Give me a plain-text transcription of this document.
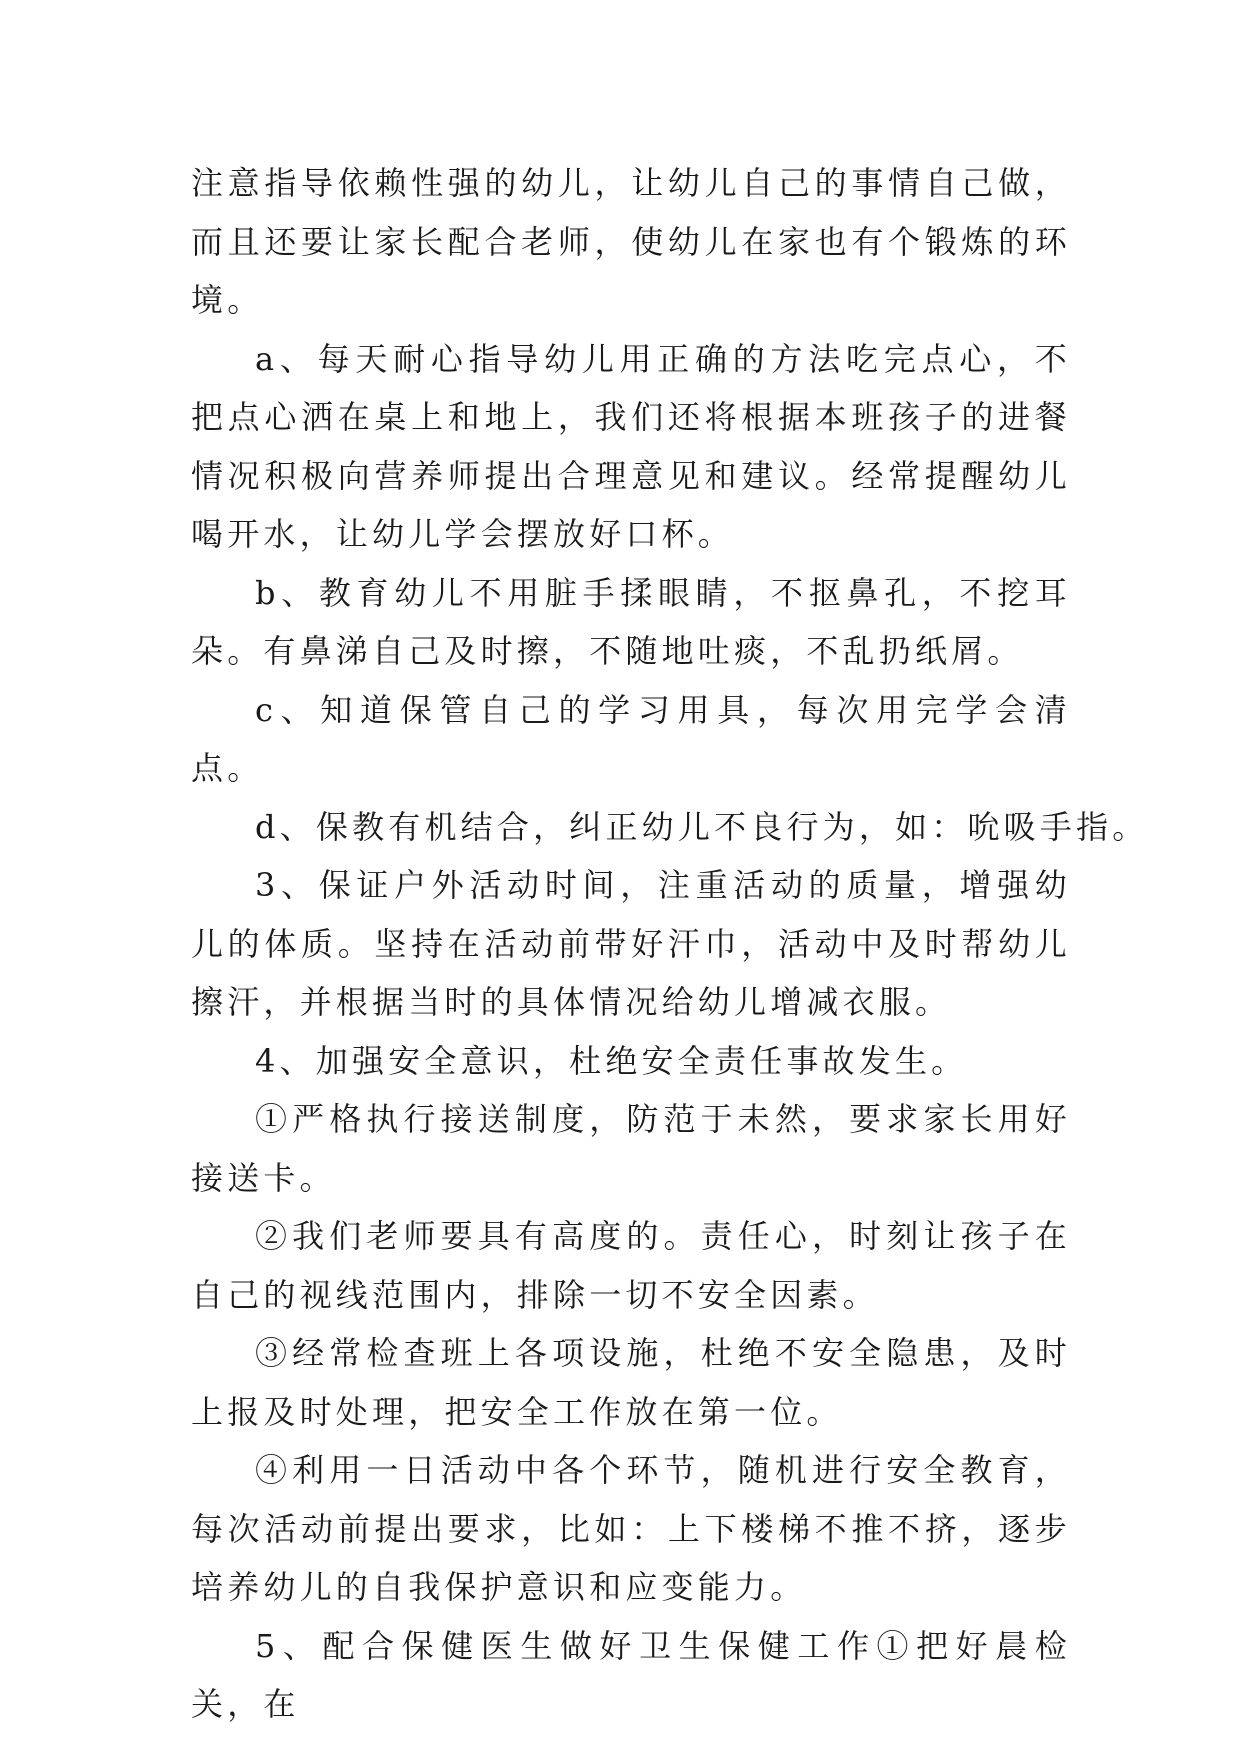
注意指导依赖性强的幼儿，让幼儿自己的事情自己做，而且还要让家长配合老师，使幼儿在家也有个锻炼的环境。

a、每天耐心指导幼儿用正确的方法吃完点心，不把点心洒在桌上和地上，我们还将根据本班孩子的进餐情况积极向营养师提出合理意见和建议。经常提醒幼儿喝开水，让幼儿学会摆放好口杯。

b、教育幼儿不用脏手揉眼睛，不抠鼻孔，不挖耳朵。有鼻涕自己及时擦，不随地吐痰，不乱扔纸屑。

c、知道保管自己的学习用具，每次用完学会清点。

d、保教有机结合，纠正幼儿不良行为，如：吮吸手指。

3、保证户外活动时间，注重活动的质量，增强幼儿的体质。坚持在活动前带好汗巾，活动中及时帮幼儿擦汗，并根据当时的具体情况给幼儿增减衣服。

4、加强安全意识，杜绝安全责任事故发生。

①严格执行接送制度，防范于未然，要求家长用好接送卡。

②我们老师要具有高度的。责任心，时刻让孩子在自己的视线范围内，排除一切不安全因素。

③经常检查班上各项设施，杜绝不安全隐患，及时上报及时处理，把安全工作放在第一位。

④利用一日活动中各个环节，随机进行安全教育，每次活动前提出要求，比如：上下楼梯不推不挤，逐步培养幼儿的自我保护意识和应变能力。

5、配合保健医生做好卫生保健工作①把好晨检关，在
